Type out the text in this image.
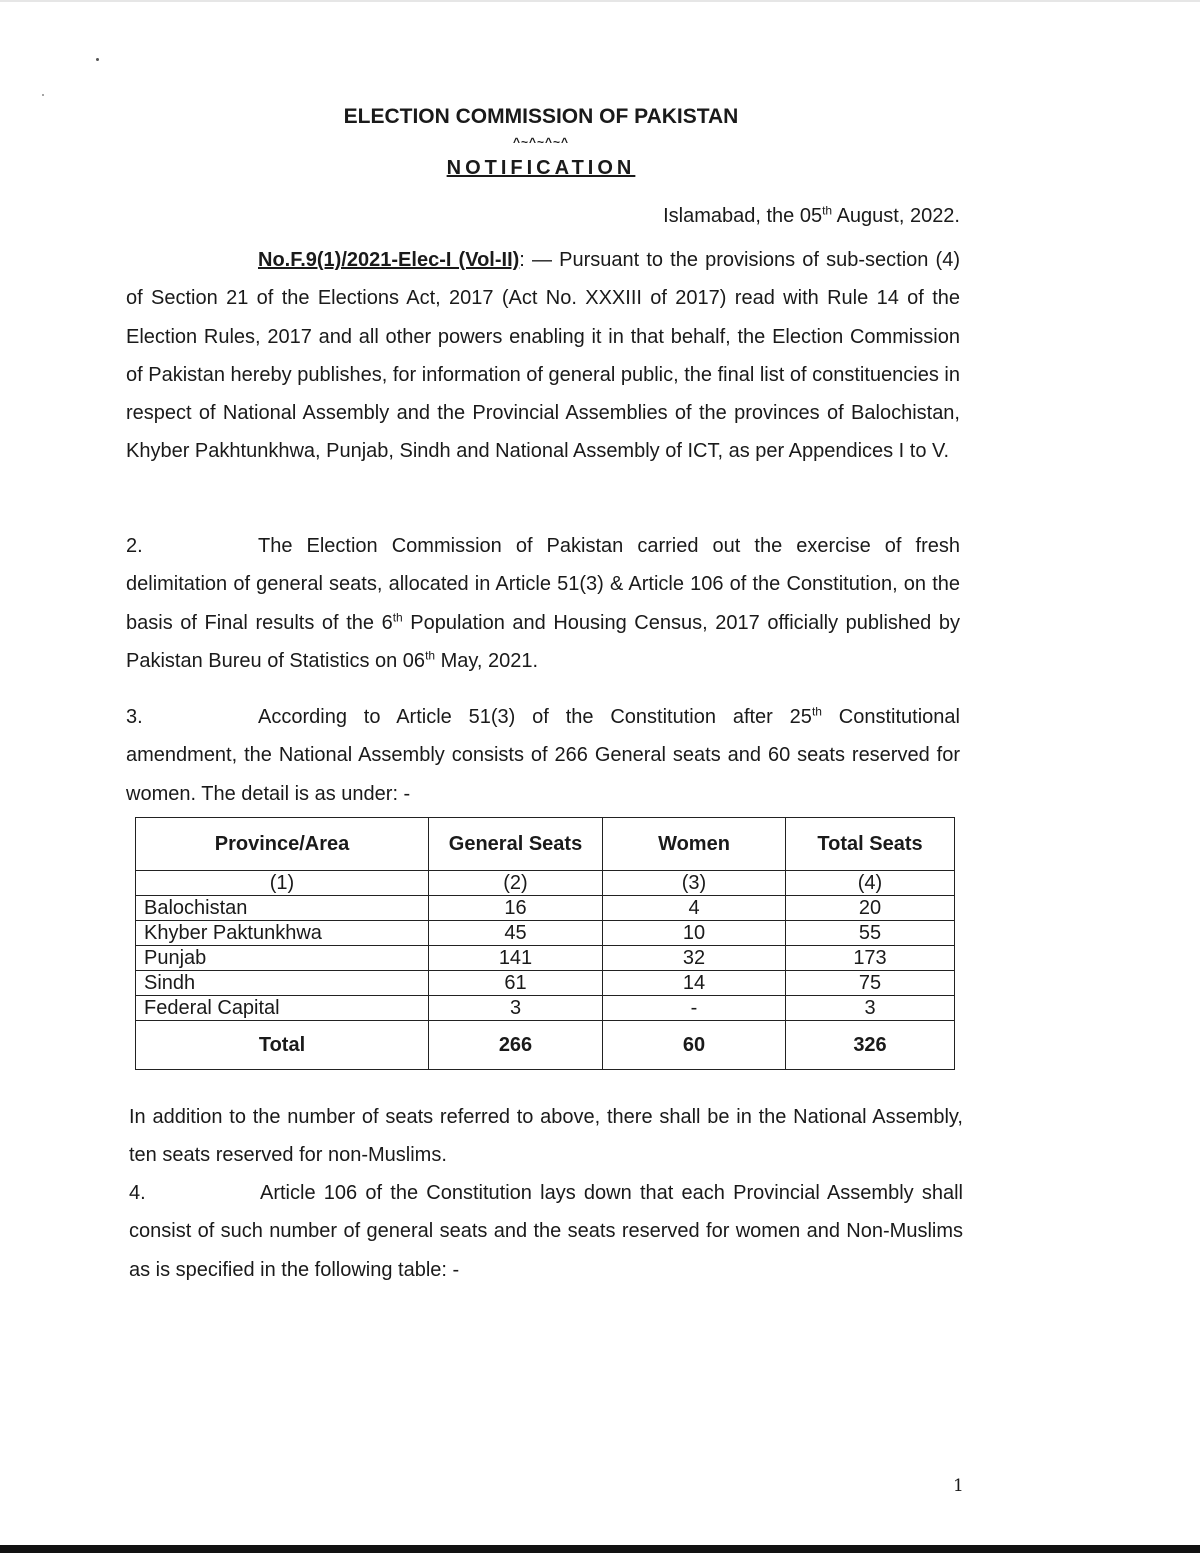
ELECTION COMMISSION OF PAKISTAN
^~^~^~^
NOTIFICATION
Islamabad, the 05th August, 2022.

No.F.9(1)/2021-Elec-I (Vol-II): — Pursuant to the provisions of sub-section (4) of Section 21 of the Elections Act, 2017 (Act No. XXXIII of 2017) read with Rule 14 of the Election Rules, 2017 and all other powers enabling it in that behalf, the Election Commission of Pakistan hereby publishes, for information of general public, the final list of constituencies in respect of National Assembly and the Provincial Assemblies of the provinces of Balochistan, Khyber Pakhtunkhwa, Punjab, Sindh and National Assembly of ICT, as per Appendices I to V.

2.	The Election Commission of Pakistan carried out the exercise of fresh delimitation of general seats, allocated in Article 51(3) & Article 106 of the Constitution, on the basis of Final results of the 6th Population and Housing Census, 2017 officially published by Pakistan Bureu of Statistics on 06th May, 2021.

3.	According to Article 51(3) of the Constitution after 25th Constitutional amendment, the National Assembly consists of 266 General seats and 60 seats reserved for women. The detail is as under: -

Province/Area	General Seats	Women	Total Seats
(1)	(2)	(3)	(4)
Balochistan	16	4	20
Khyber Paktunkhwa	45	10	55
Punjab	141	32	173
Sindh	61	14	75
Federal Capital	3	-	3
Total	266	60	326

In addition to the number of seats referred to above, there shall be in the National Assembly, ten seats reserved for non-Muslims.

4.	Article 106 of the Constitution lays down that each Provincial Assembly shall consist of such number of general seats and the seats reserved for women and Non-Muslims as is specified in the following table: -

1
